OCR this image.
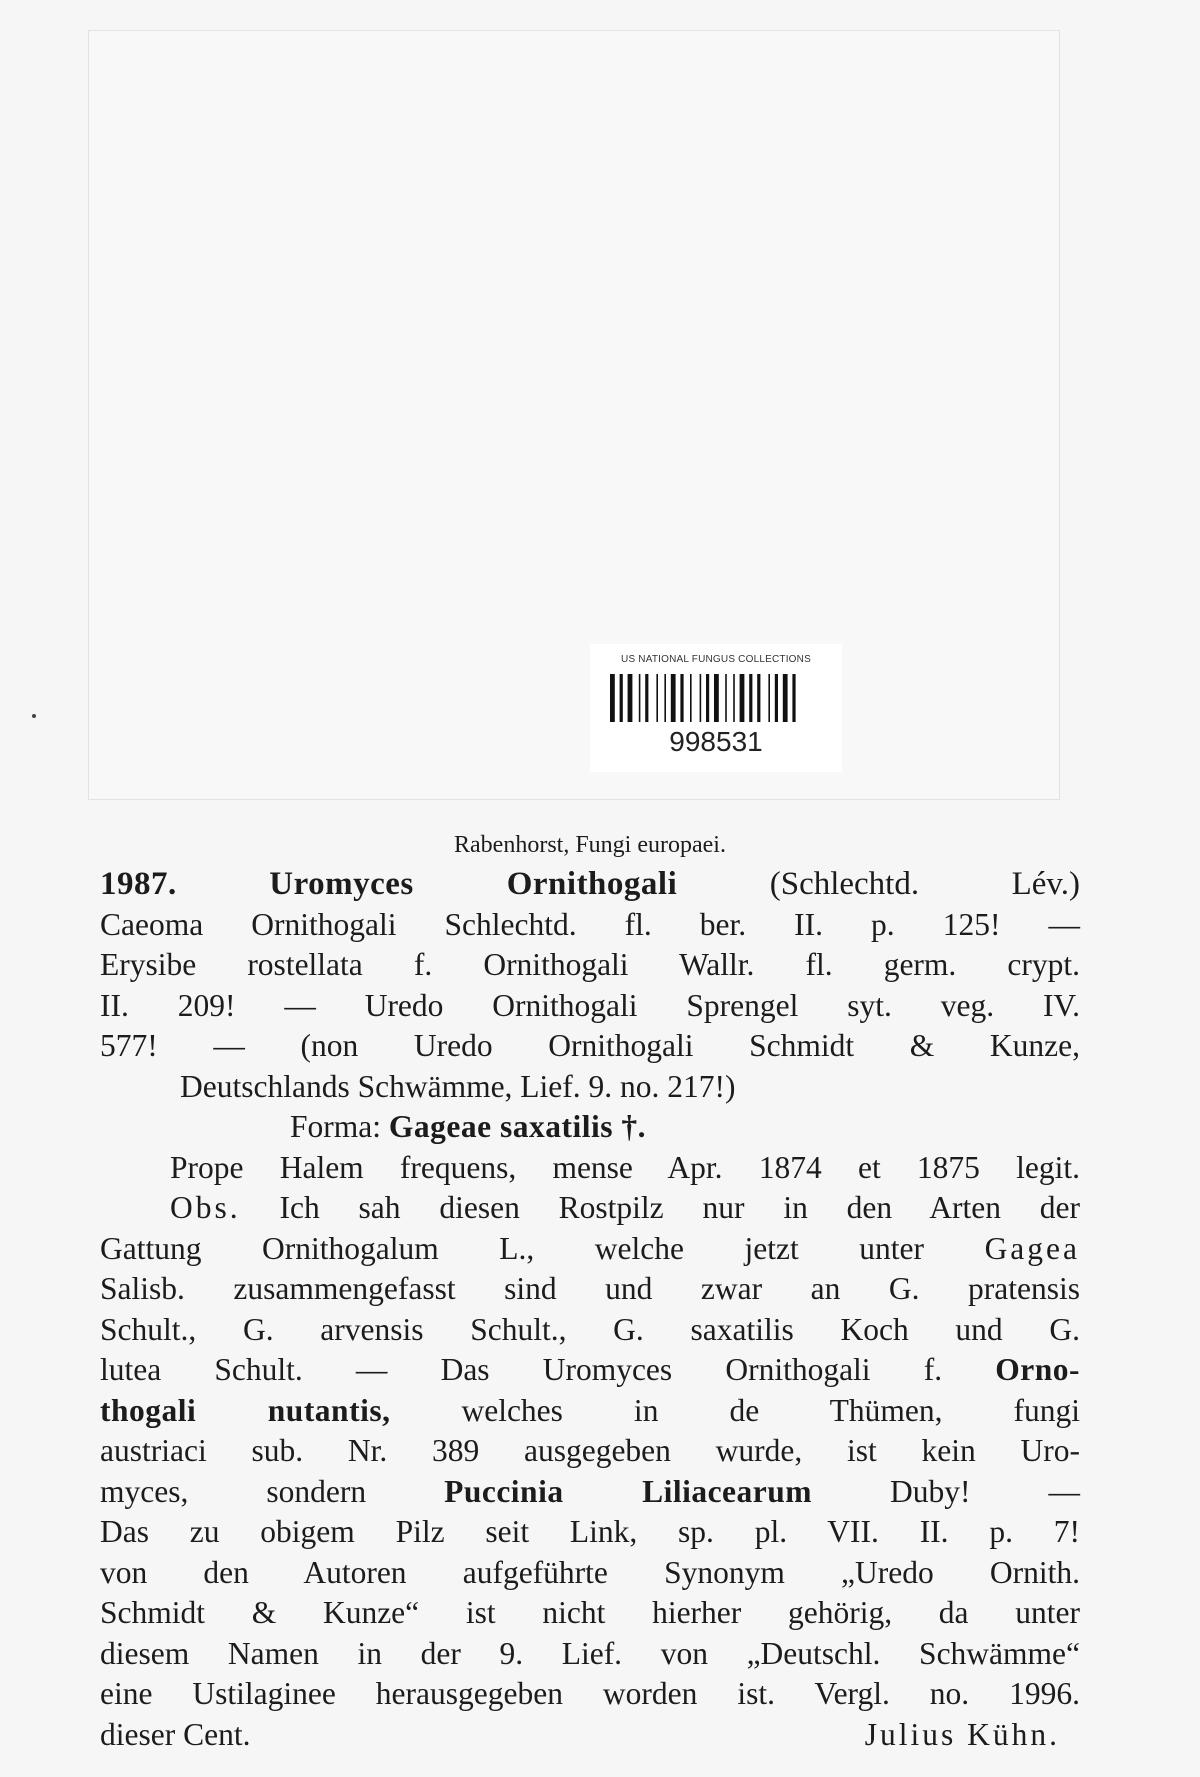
US NATIONAL FUNGUS COLLECTIONS
998531
Rabenhorst, Fungi europaei.
1987.	Uromyces Ornithogali	(Schlechtd. Lév.)
Caeoma Ornithogali Schlechtd. fl. ber. II. p. 125! —
Erysibe rostellata f. Ornithogali Wallr. fl. germ. crypt.
II. 209! — Uredo Ornithogali Sprengel syt. veg. IV.
577! — (non Uredo Ornithogali Schmidt & Kunze,
Deutschlands Schwämme, Lief. 9. no. 217!)
Forma: Gageae saxatilis †.
Prope Halem frequens, mense Apr. 1874 et 1875 legit.
Obs. Ich sah diesen Rostpilz nur in den Arten der
Gattung Ornithogalum L., welche jetzt unter Gagea
Salisb. zusammengefasst sind und zwar an G. pratensis
Schult., G. arvensis Schult., G. saxatilis Koch und G.
lutea Schult. — Das Uromyces Ornithogali f. Orno-
thogali nutantis, welches in de Thümen, fungi
austriaci sub. Nr. 389 ausgegeben wurde, ist kein Uro-
myces, sondern Puccinia Liliacearum Duby! —
Das zu obigem Pilz seit Link, sp. pl. VII. II. p. 7!
von den Autoren aufgeführte Synonym „Uredo Ornith.
Schmidt & Kunze“ ist nicht hierher gehörig, da unter
diesem Namen in der 9. Lief. von „Deutschl. Schwämme“
eine Ustilaginee herausgegeben worden ist. Vergl. no. 1996.
dieser Cent.	Julius Kühn.
